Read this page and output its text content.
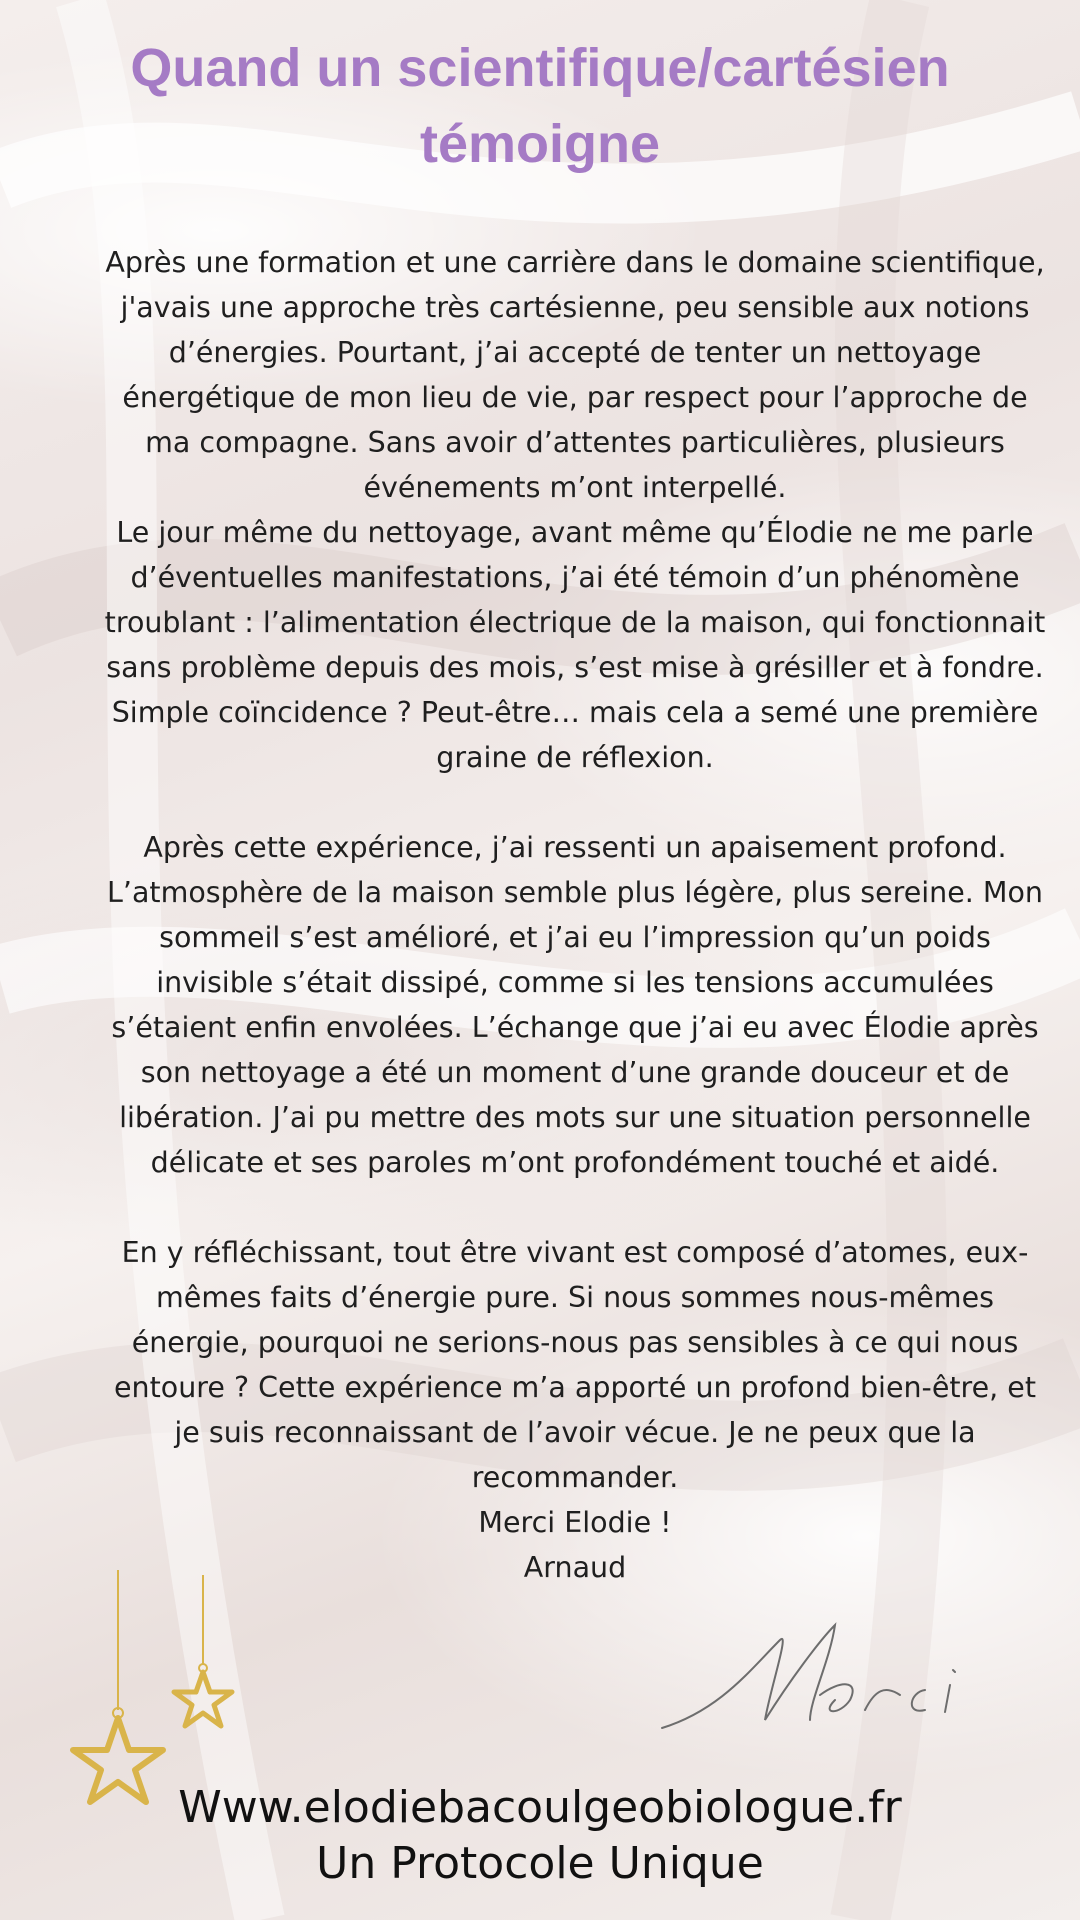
Quand un scientifique/cartésien témoigne

Après une formation et une carrière dans le domaine scientifique, j'avais une approche très cartésienne, peu sensible aux notions d’énergies. Pourtant, j’ai accepté de tenter un nettoyage énergétique de mon lieu de vie, par respect pour l’approche de ma compagne. Sans avoir d’attentes particulières, plusieurs événements m’ont interpellé.

Le jour même du nettoyage, avant même qu’Élodie ne me parle d’éventuelles manifestations, j’ai été témoin d’un phénomène troublant : l’alimentation électrique de la maison, qui fonctionnait sans problème depuis des mois, s’est mise à grésiller et à fondre. Simple coïncidence ? Peut-être… mais cela a semé une première graine de réflexion.

Après cette expérience, j’ai ressenti un apaisement profond. L’atmosphère de la maison semble plus légère, plus sereine. Mon sommeil s’est amélioré, et j’ai eu l’impression qu’un poids invisible s’était dissipé, comme si les tensions accumulées s’étaient enfin envolées. L’échange que j’ai eu avec Élodie après son nettoyage a été un moment d’une grande douceur et de libération. J’ai pu mettre des mots sur une situation personnelle délicate et ses paroles m’ont profondément touché et aidé.

En y réfléchissant, tout être vivant est composé d’atomes, eux-mêmes faits d’énergie pure. Si nous sommes nous-mêmes énergie, pourquoi ne serions-nous pas sensibles à ce qui nous entoure ? Cette expérience m’a apporté un profond bien-être, et je suis reconnaissant de l’avoir vécue. Je ne peux que la recommander.

Merci Elodie !

Arnaud

Www.elodiebacoulgeobiologue.fr

Un Protocole Unique
